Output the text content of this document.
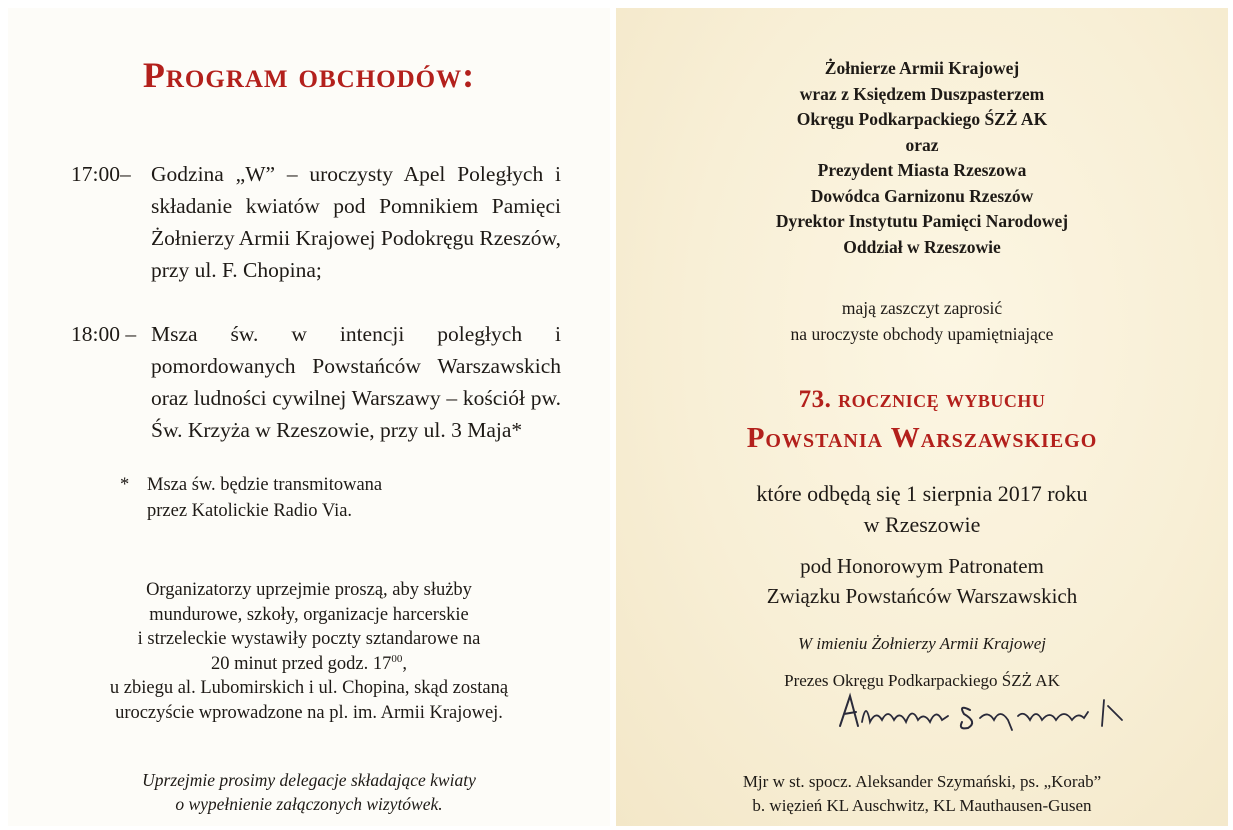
Program obchodów:
17:00– Godzina „W” – uroczysty Apel Poległych i składanie kwiatów pod Pomnikiem Pamięci Żołnierzy Armii Krajowej Podokręgu Rzeszów, przy ul. F. Chopina;
18:00 – Msza św. w intencji poległych i pomordowanych Powstańców Warszawskich oraz ludności cywilnej Warszawy – kościół pw. Św. Krzyża w Rzeszowie, przy ul. 3 Maja*
* Msza św. będzie transmitowana
przez Katolickie Radio Via.
Organizatorzy uprzejmie proszą, aby służby
mundurowe, szkoły, organizacje harcerskie
i strzeleckie wystawiły poczty sztandarowe na
20 minut przed godz. $17^{00}$,
u zbiegu al. Lubomirskich i ul. Chopina, skąd zostaną
uroczyście wprowadzone na pl. im. Armii Krajowej.
Uprzejmie prosimy delegacje składające kwiaty
o wypełnienie załączonych wizytówek.
Żołnierze Armii Krajowej
wraz z Księdzem Duszpasterzem
Okręgu Podkarpackiego ŚZŻ AK
oraz
Prezydent Miasta Rzeszowa
Dowódca Garnizonu Rzeszów
Dyrektor Instytutu Pamięci Narodowej
Oddział w Rzeszowie
mają zaszczyt zaprosić
na uroczyste obchody upamiętniające
73. rocznicę wybuchu
Powstania Warszawskiego
które odbędą się 1 sierpnia 2017 roku
w Rzeszowie
pod Honorowym Patronatem
Związku Powstańców Warszawskich
W imieniu Żołnierzy Armii Krajowej
Prezes Okręgu Podkarpackiego ŚZŻ AK
Mjr w st. spocz. Aleksander Szymański, ps. „Korab”
b. więzień KL Auschwitz, KL Mauthausen-Gusen
